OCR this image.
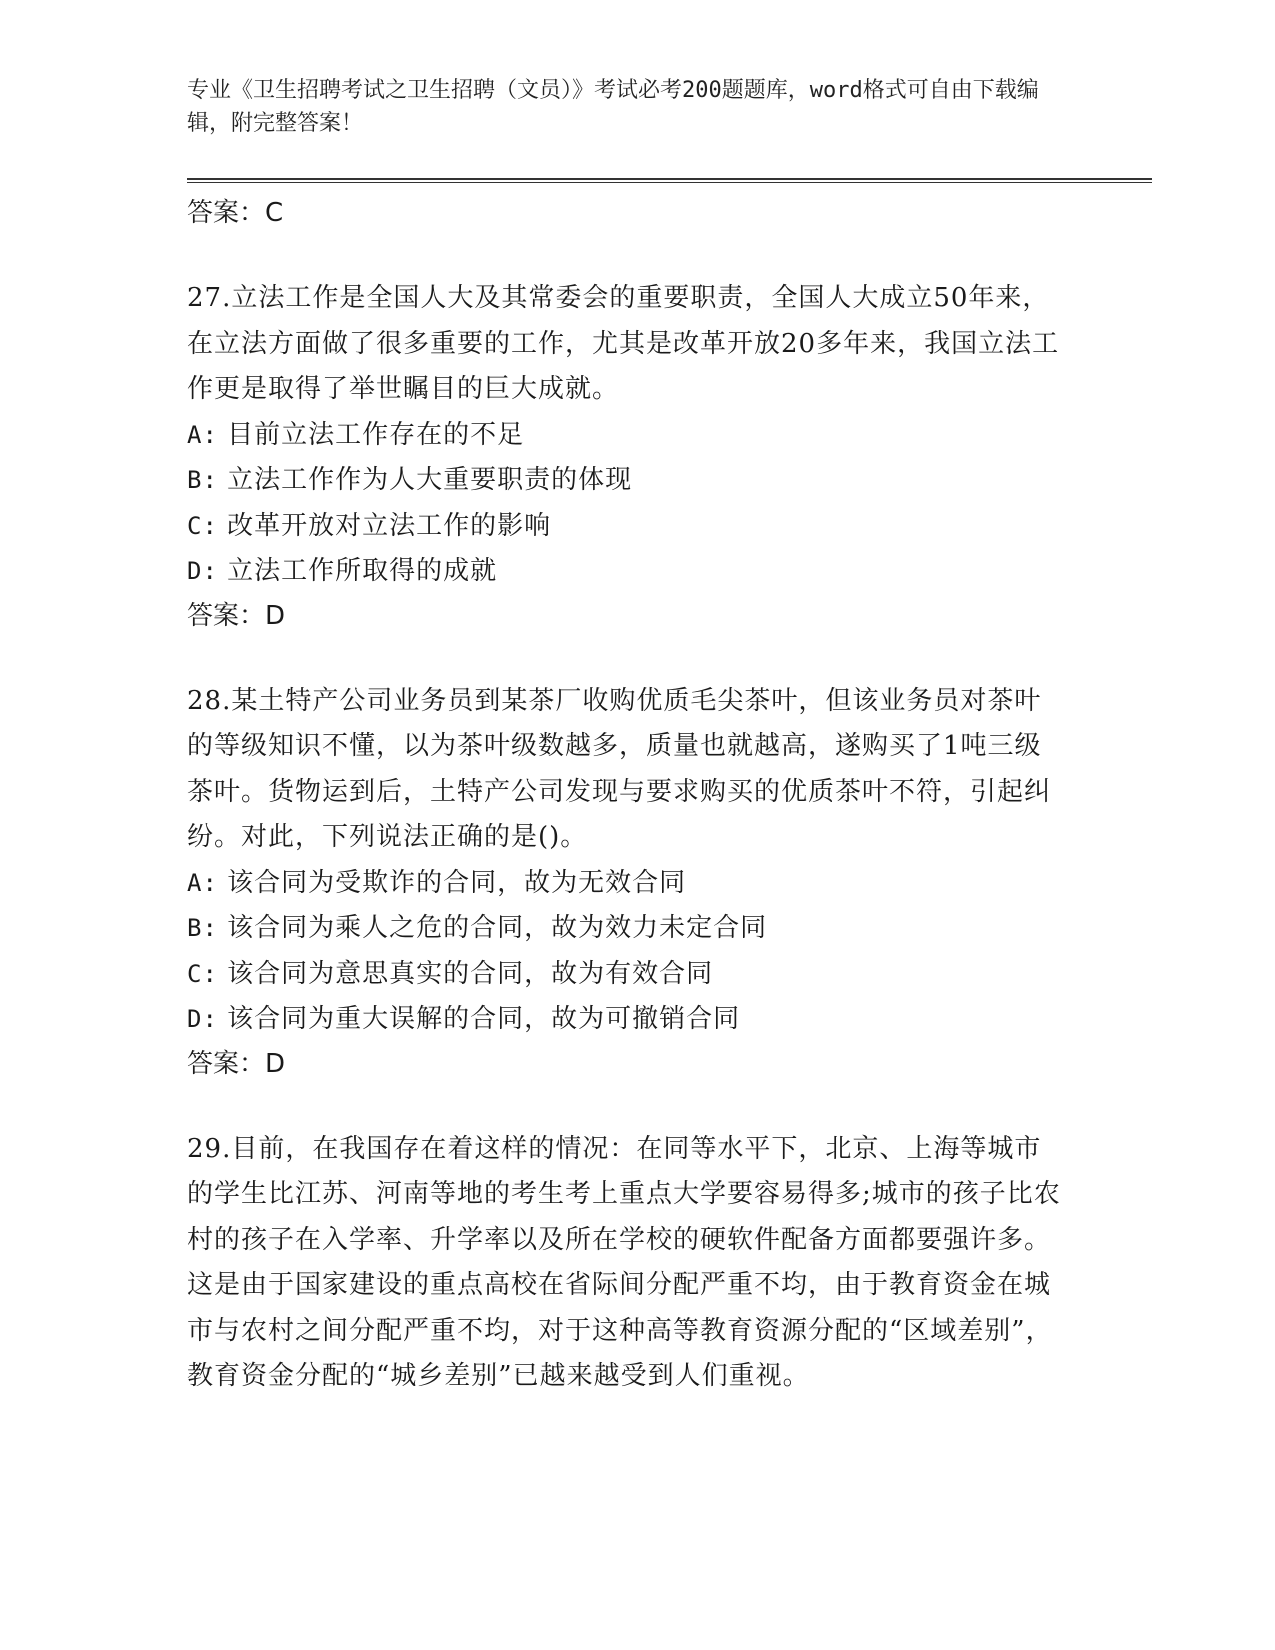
专业《卫生招聘考试之卫生招聘（文员）》考试必考200题题库，word格式可自由下载编辑，附完整答案！

答案：C

27.立法工作是全国人大及其常委会的重要职责，全国人大成立50年来，在立法方面做了很多重要的工作，尤其是改革开放20多年来，我国立法工作更是取得了举世瞩目的巨大成就。

A: 目前立法工作存在的不足

B: 立法工作作为人大重要职责的体现

C: 改革开放对立法工作的影响

D: 立法工作所取得的成就

答案：D

28.某土特产公司业务员到某茶厂收购优质毛尖茶叶，但该业务员对茶叶的等级知识不懂，以为茶叶级数越多，质量也就越高，遂购买了1吨三级茶叶。货物运到后，土特产公司发现与要求购买的优质茶叶不符，引起纠纷。对此，下列说法正确的是()。

A: 该合同为受欺诈的合同，故为无效合同

B: 该合同为乘人之危的合同，故为效力未定合同

C: 该合同为意思真实的合同，故为有效合同

D: 该合同为重大误解的合同，故为可撤销合同

答案：D

29.目前，在我国存在着这样的情况：在同等水平下，北京、上海等城市的学生比江苏、河南等地的考生考上重点大学要容易得多;城市的孩子比农村的孩子在入学率、升学率以及所在学校的硬软件配备方面都要强许多。这是由于国家建设的重点高校在省际间分配严重不均，由于教育资金在城市与农村之间分配严重不均，对于这种高等教育资源分配的“区域差别”，教育资金分配的“城乡差别”已越来越受到人们重视。
